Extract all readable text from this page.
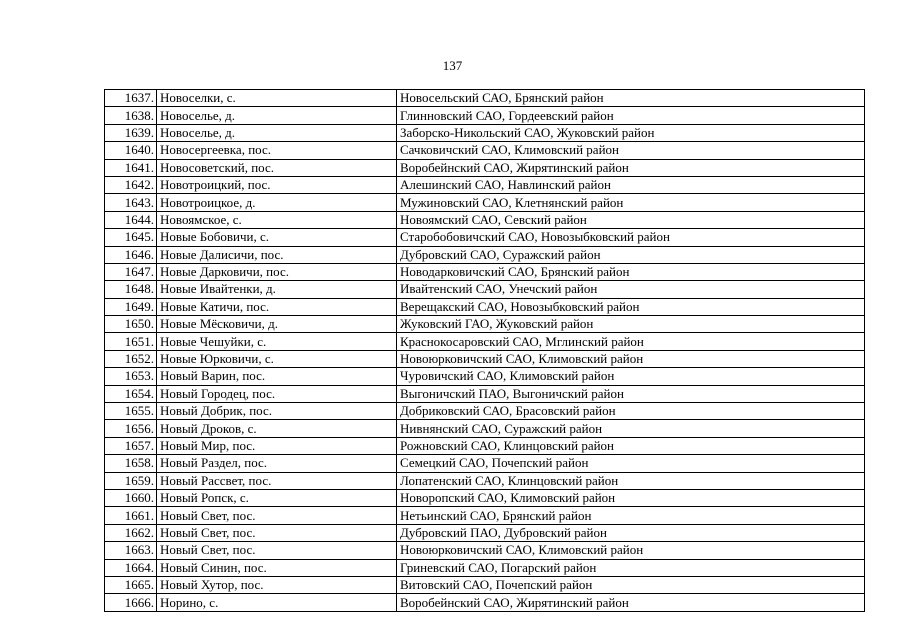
137
1637.	Новоселки, с.	Новосельский САО, Брянский район
1638.	Новоселье, д.	Глинновский САО, Гордеевский район
1639.	Новоселье, д.	Заборско-Никольский САО, Жуковский район
1640.	Новосергеевка, пос.	Сачковичский САО, Климовский район
1641.	Новосоветский, пос.	Воробейнский САО, Жирятинский район
1642.	Новотроицкий, пос.	Алешинский САО, Навлинский район
1643.	Новотроицкое, д.	Мужиновский САО, Клетнянский район
1644.	Новоямское, с.	Новоямский САО, Севский район
1645.	Новые Бобовичи, с.	Старобобовичский САО, Новозыбковский район
1646.	Новые Далисичи, пос.	Дубровский САО, Суражский район
1647.	Новые Дарковичи, пос.	Новодарковичский САО, Брянский район
1648.	Новые Ивайтенки, д.	Ивайтенский САО, Унечский район
1649.	Новые Катичи, пос.	Верещакский САО, Новозыбковский район
1650.	Новые Мёсковичи, д.	Жуковский ГАО, Жуковский район
1651.	Новые Чешуйки, с.	Краснокосаровский САО, Мглинский район
1652.	Новые Юрковичи, с.	Новоюрковичский САО, Климовский район
1653.	Новый Варин, пос.	Чуровичский САО, Климовский район
1654.	Новый Городец, пос.	Выгоничский ПАО, Выгоничский район
1655.	Новый Добрик, пос.	Добриковский САО, Брасовский район
1656.	Новый Дроков, с.	Нивнянский САО, Суражский район
1657.	Новый Мир, пос.	Рожновский САО, Клинцовский район
1658.	Новый Раздел, пос.	Семецкий САО, Почепский район
1659.	Новый Рассвет, пос.	Лопатенский САО, Клинцовский район
1660.	Новый Ропск, с.	Новоропский САО, Климовский район
1661.	Новый Свет, пос.	Нетьинский САО, Брянский район
1662.	Новый Свет, пос.	Дубровский ПАО, Дубровский район
1663.	Новый Свет, пос.	Новоюрковичский САО, Климовский район
1664.	Новый Синин, пос.	Гриневский САО, Погарский район
1665.	Новый Хутор, пос.	Витовский САО, Почепский район
1666.	Норино, с.	Воробейнский САО, Жирятинский район
